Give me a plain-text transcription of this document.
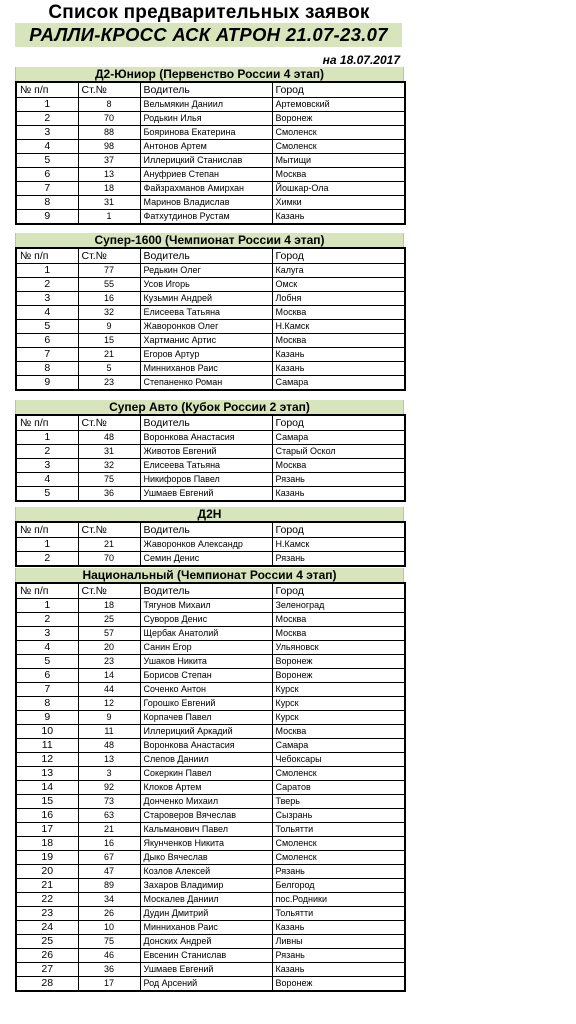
Список предварительных заявок
РАЛЛИ-КРОСС АСК АТРОН 21.07-23.07
на 18.07.2017
Д2-Юниор (Первенство России 4 этап)
№ п/п	Ст.№	Водитель	Город
1	8	Вельмякин Даниил	Артемовский
2	70	Родькин Илья	Воронеж
3	88	Бояринова Екатерина	Смоленск
4	98	Антонов Артем	Смоленск
5	37	Иллерицкий Станислав	Мытищи
6	13	Ануфриев Степан	Москва
7	18	Файзрахманов Амирхан	Йошкар-Ола
8	31	Маринов Владислав	Химки
9	1	Фатхутдинов Рустам	Казань
Супер-1600 (Чемпионат России 4 этап)
№ п/п	Ст.№	Водитель	Город
1	77	Редькин Олег	Калуга
2	55	Усов Игорь	Омск
3	16	Кузьмин Андрей	Лобня
4	32	Елисеева Татьяна	Москва
5	9	Жаворонков Олег	Н.Камск
6	15	Хартманис Артис	Москва
7	21	Егоров Артур	Казань
8	5	Минниханов Раис	Казань
9	23	Степаненко Роман	Самара
Супер Авто (Кубок России 2 этап)
№ п/п	Ст.№	Водитель	Город
1	48	Воронкова Анастасия	Самара
2	31	Животов Евгений	Старый Оскол
3	32	Елисеева Татьяна	Москва
4	75	Никифоров Павел	Рязань
5	36	Ушмаев Евгений	Казань
Д2Н
№ п/п	Ст.№	Водитель	Город
1	21	Жаворонков Александр	Н.Камск
2	70	Семин Денис	Рязань
Национальный (Чемпионат России 4 этап)
№ п/п	Ст.№	Водитель	Город
1	18	Тягунов Михаил	Зеленоград
2	25	Суворов Денис	Москва
3	57	Щербак Анатолий	Москва
4	20	Санин Егор	Ульяновск
5	23	Ушаков Никита	Воронеж
6	14	Борисов Степан	Воронеж
7	44	Соченко Антон	Курск
8	12	Горошко Евгений	Курск
9	9	Корпачев Павел	Курск
10	11	Иллерицкий Аркадий	Москва
11	48	Воронкова Анастасия	Самара
12	13	Слепов Даниил	Чебоксары
13	3	Сокеркин Павел	Смоленск
14	92	Клоков Артем	Саратов
15	73	Донченко Михаил	Тверь
16	63	Староверов Вячеслав	Сызрань
17	21	Кальманович Павел	Тольятти
18	16	Якунченков Никита	Смоленск
19	67	Дыко Вячеслав	Смоленск
20	47	Козлов Алексей	Рязань
21	89	Захаров Владимир	Белгород
22	34	Москалев Даниил	пос.Родники
23	26	Дудин Дмитрий	Тольятти
24	10	Минниханов Раис	Казань
25	75	Донских Андрей	Ливны
26	46	Евсенин Станислав	Рязань
27	36	Ушмаев Евгений	Казань
28	17	Род Арсений	Воронеж
